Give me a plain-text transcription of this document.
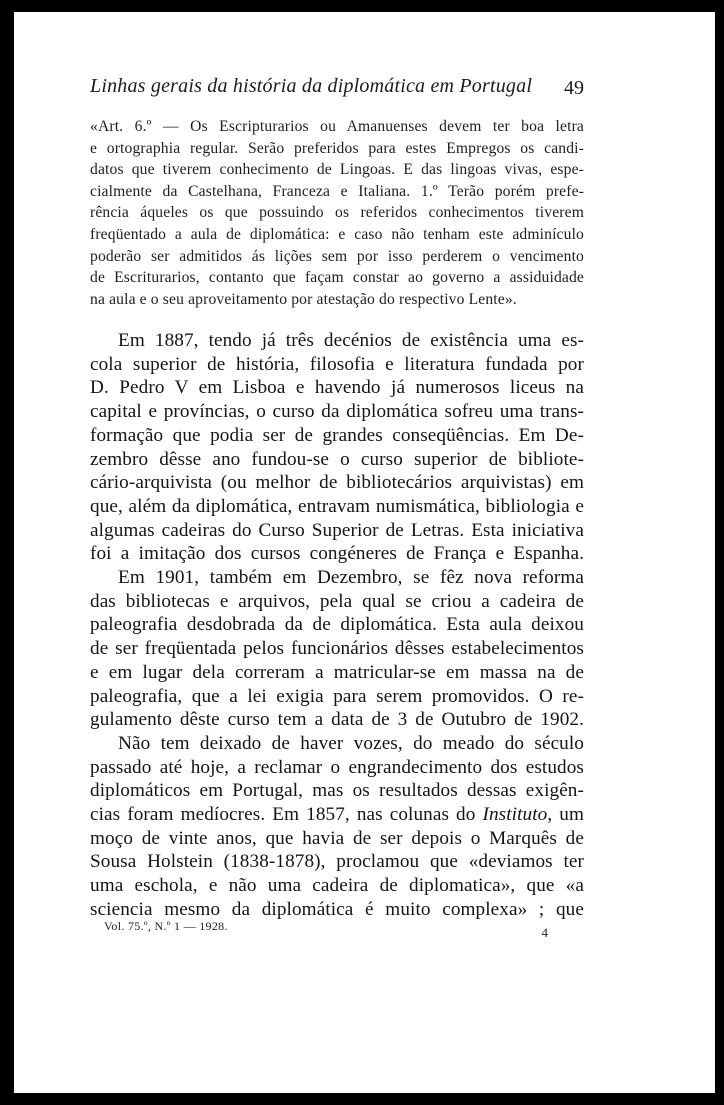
Linhas gerais da história da diplomática em Portugal 49
«Art. 6.º — Os Escripturarios ou Amanuenses devem ter boa letra
e ortographia regular. Serão preferidos para estes Empregos os candi-
datos que tiverem conhecimento de Lingoas. E das lingoas vivas, espe-
cialmente da Castelhana, Franceza e Italiana. 1.º Terão porém prefe-
rência áqueles os que possuindo os referidos conhecimentos tiverem
freqüentado a aula de diplomática: e caso não tenham este adminículo
poderão ser admitidos ás lições sem por isso perderem o vencimento
de Escriturarios, contanto que façam constar ao governo a assiduidade
na aula e o seu aproveitamento por atestação do respectivo Lente».
Em 1887, tendo já três decénios de existência uma es-
cola superior de história, filosofia e literatura fundada por
D. Pedro V em Lisboa e havendo já numerosos liceus na
capital e províncias, o curso da diplomática sofreu uma trans-
formação que podia ser de grandes conseqüências. Em De-
zembro dêsse ano fundou-se o curso superior de bibliote-
cário-arquivista (ou melhor de bibliotecários arquivistas) em
que, além da diplomática, entravam numismática, bibliologia e
algumas cadeiras do Curso Superior de Letras. Esta iniciativa
foi a imitação dos cursos congéneres de França e Espanha.
Em 1901, também em Dezembro, se fêz nova reforma
das bibliotecas e arquivos, pela qual se criou a cadeira de
paleografia desdobrada da de diplomática. Esta aula deixou
de ser freqüentada pelos funcionários dêsses estabelecimentos
e em lugar dela correram a matricular-se em massa na de
paleografia, que a lei exigia para serem promovidos. O re-
gulamento dêste curso tem a data de 3 de Outubro de 1902.
Não tem deixado de haver vozes, do meado do século
passado até hoje, a reclamar o engrandecimento dos estudos
diplomáticos em Portugal, mas os resultados dessas exigên-
cias foram medíocres. Em 1857, nas colunas do Instituto, um
moço de vinte anos, que havia de ser depois o Marquês de
Sousa Holstein (1838-1878), proclamou que «deviamos ter
uma eschola, e não uma cadeira de diplomatica», que «a
sciencia mesmo da diplomática é muito complexa» ; que
Vol. 75.º, N.º 1 — 1928.	4
